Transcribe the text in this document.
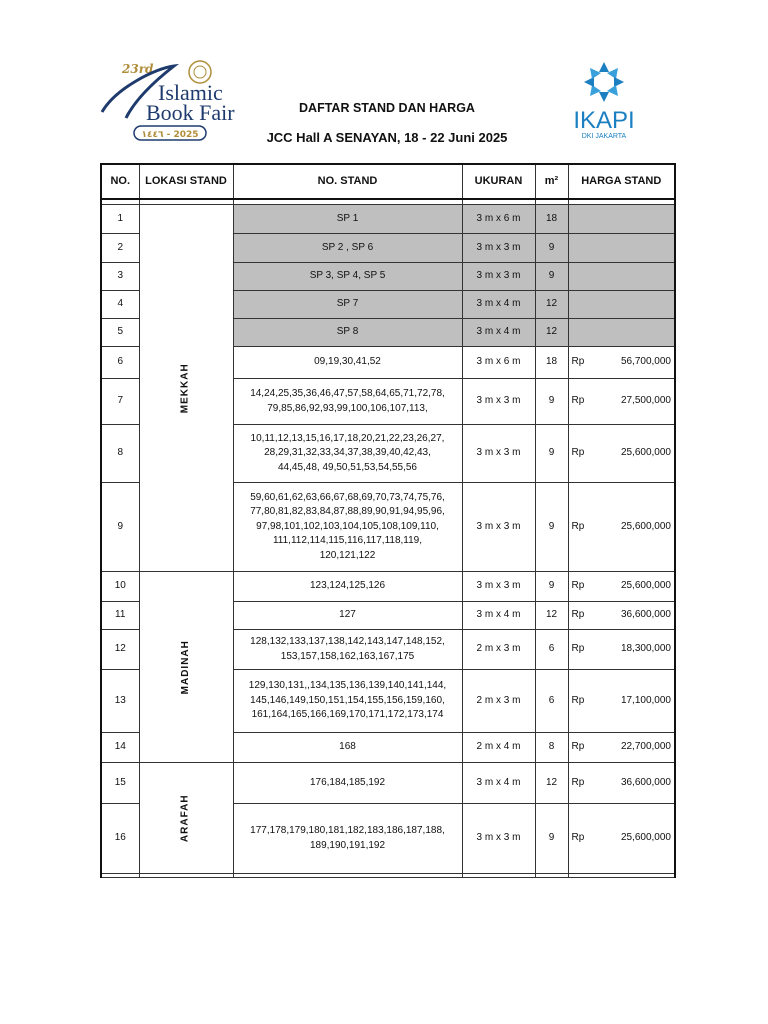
23rd
Islamic
Book Fair
١٤٤٦ - 2025
DAFTAR STAND DAN HARGA
JCC Hall A SENAYAN, 18 - 22 Juni 2025
IKAPI
DKI JAKARTA
NO.	LOKASI STAND	NO. STAND	UKURAN	m²	HARGA STAND

1	MEKKAH	SP 1	3 m x 6 m	18	
2		SP 2 , SP 6	3 m x 3 m	9	
3		SP 3, SP 4, SP 5	3 m x 3 m	9	
4		SP 7	3 m x 4 m	12	
5		SP 8	3 m x 4 m	12	
6		09,19,30,41,52	3 m x 6 m	18	Rp 56,700,000

7		14,24,25,35,36,46,47,57,58,64,65,71,72,78,
79,85,86,92,93,99,100,106,107,113,	3 m x 3 m	9	Rp 27,500,000

8		10,11,12,13,15,16,17,18,20,21,22,23,26,27,
28,29,31,32,33,34,37,38,39,40,42,43,
44,45,48, 49,50,51,53,54,55,56	3 m x 3 m	9	Rp 25,600,000

9		59,60,61,62,63,66,67,68,69,70,73,74,75,76,
77,80,81,82,83,84,87,88,89,90,91,94,95,96,
97,98,101,102,103,104,105,108,109,110,
111,112,114,115,116,117,118,119,
120,121,122	3 m x 3 m	9	Rp 25,600,000

10	MADINAH	123,124,125,126	3 m x 3 m	9	Rp 25,600,000

11		127	3 m x 4 m	12	Rp 36,600,000

12		128,132,133,137,138,142,143,147,148,152,
153,157,158,162,163,167,175	2 m x 3 m	6	Rp 18,300,000

13		129,130,131,,134,135,136,139,140,141,144,
145,146,149,150,151,154,155,156,159,160,
161,164,165,166,169,170,171,172,173,174	2 m x 3 m	6	Rp 17,100,000

14		168	2 m x 4 m	8	Rp 22,700,000

15	ARAFAH	176,184,185,192	3 m x 4 m	12	Rp 36,600,000

16		177,178,179,180,181,182,183,186,187,188,
189,190,191,192	3 m x 3 m	9	Rp 25,600,000
